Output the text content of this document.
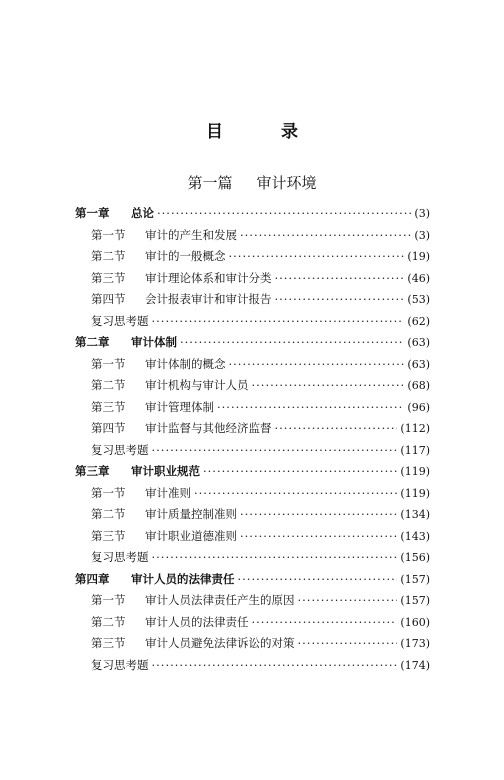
目 录
第一篇 审计环境
第一章	总论 ·····	(3)
第一节	审计的产生和发展 ·····	(3)
第二节	审计的一般概念 ·····	(19)
第三节	审计理论体系和审计分类 ·····	(46)
第四节	会计报表审计和审计报告 ·····	(53)
复习思考题 ·····	(62)
第二章	审计体制 ·····	(63)
第一节	审计体制的概念 ·····	(63)
第二节	审计机构与审计人员 ·····	(68)
第三节	审计管理体制 ·····	(96)
第四节	审计监督与其他经济监督 ·····	(112)
复习思考题 ·····	(117)
第三章	审计职业规范 ·····	(119)
第一节	审计准则 ·····	(119)
第二节	审计质量控制准则 ·····	(134)
第三节	审计职业道德准则 ·····	(143)
复习思考题 ·····	(156)
第四章	审计人员的法律责任 ·····	(157)
第一节	审计人员法律责任产生的原因 ·····	(157)
第二节	审计人员的法律责任 ·····	(160)
第三节	审计人员避免法律诉讼的对策 ·····	(173)
复习思考题 ·····	(174)
